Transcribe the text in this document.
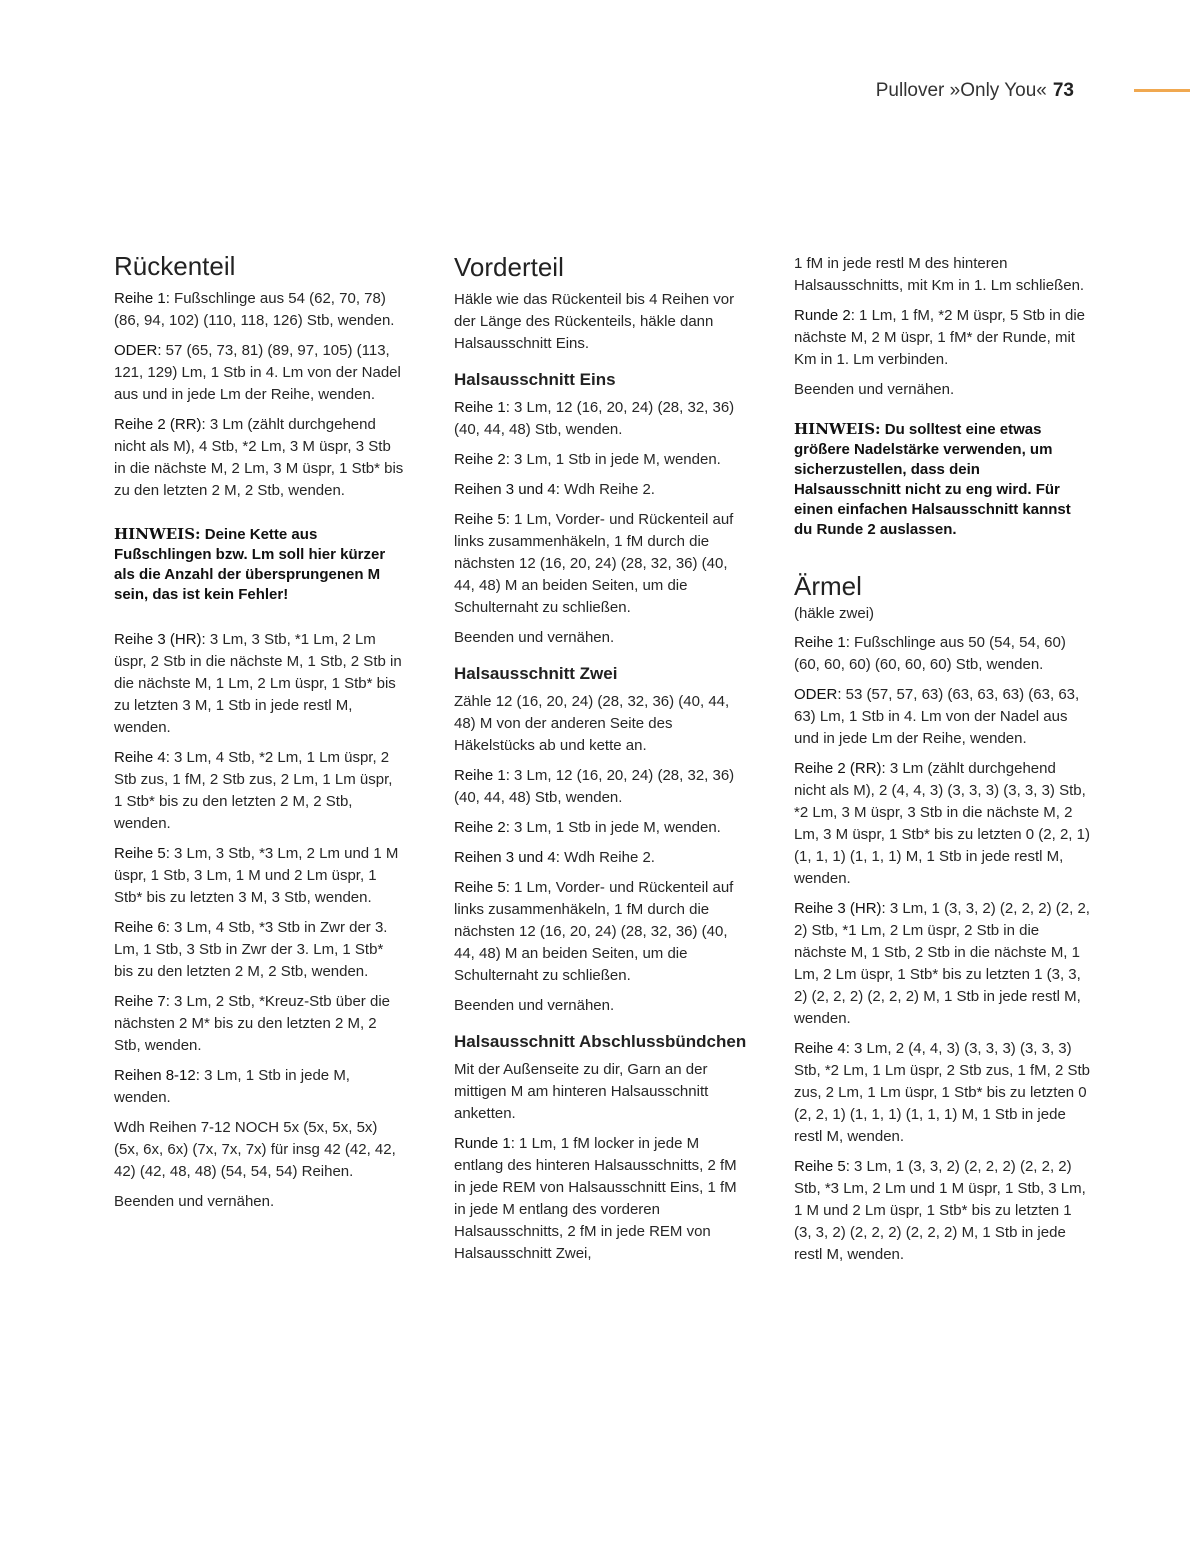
Pullover »Only You« 73
Rückenteil

Reihe 1: Fußschlinge aus 54 (62, 70, 78) (86, 94, 102) (110, 118, 126) Stb, wenden.

ODER: 57 (65, 73, 81) (89, 97, 105) (113, 121, 129) Lm, 1 Stb in 4. Lm von der Nadel aus und in jede Lm der Reihe, wenden.

Reihe 2 (RR): 3 Lm (zählt durchgehend nicht als M), 4 Stb, *2 Lm, 3 M üspr, 3 Stb in die nächste M, 2 Lm, 3 M üspr, 1 Stb* bis zu den letzten 2 M, 2 Stb, wenden.

HINWEIS: Deine Kette aus Fußschlingen bzw. Lm soll hier kürzer als die Anzahl der übersprungenen M sein, das ist kein Fehler!

Reihe 3 (HR): 3 Lm, 3 Stb, *1 Lm, 2 Lm üspr, 2 Stb in die nächste M, 1 Stb, 2 Stb in die nächste M, 1 Lm, 2 Lm üspr, 1 Stb* bis zu letzten 3 M, 1 Stb in jede restl M, wenden.

Reihe 4: 3 Lm, 4 Stb, *2 Lm, 1 Lm üspr, 2 Stb zus, 1 fM, 2 Stb zus, 2 Lm, 1 Lm üspr, 1 Stb* bis zu den letzten 2 M, 2 Stb, wenden.

Reihe 5: 3 Lm, 3 Stb, *3 Lm, 2 Lm und 1 M üspr, 1 Stb, 3 Lm, 1 M und 2 Lm üspr, 1 Stb* bis zu letzten 3 M, 3 Stb, wenden.

Reihe 6: 3 Lm, 4 Stb, *3 Stb in Zwr der 3. Lm, 1 Stb, 3 Stb in Zwr der 3. Lm, 1 Stb* bis zu den letzten 2 M, 2 Stb, wenden.

Reihe 7: 3 Lm, 2 Stb, *Kreuz-Stb über die nächsten 2 M* bis zu den letzten 2 M, 2 Stb, wenden.

Reihen 8-12: 3 Lm, 1 Stb in jede M, wenden.

Wdh Reihen 7-12 NOCH 5x (5x, 5x, 5x) (5x, 6x, 6x) (7x, 7x, 7x) für insg 42 (42, 42, 42) (42, 48, 48) (54, 54, 54) Reihen.

Beenden und vernähen.

Vorderteil

Häkle wie das Rückenteil bis 4 Reihen vor der Länge des Rückenteils, häkle dann Halsausschnitt Eins.

Halsausschnitt Eins

Reihe 1: 3 Lm, 12 (16, 20, 24) (28, 32, 36) (40, 44, 48) Stb, wenden.

Reihe 2: 3 Lm, 1 Stb in jede M, wenden.

Reihen 3 und 4: Wdh Reihe 2.

Reihe 5: 1 Lm, Vorder- und Rückenteil auf links zusammenhäkeln, 1 fM durch die nächsten 12 (16, 20, 24) (28, 32, 36) (40, 44, 48) M an beiden Seiten, um die Schulternaht zu schließen.

Beenden und vernähen.

Halsausschnitt Zwei

Zähle 12 (16, 20, 24) (28, 32, 36) (40, 44, 48) M von der anderen Seite des Häkelstücks ab und kette an.

Reihe 1: 3 Lm, 12 (16, 20, 24) (28, 32, 36) (40, 44, 48) Stb, wenden.

Reihe 2: 3 Lm, 1 Stb in jede M, wenden.

Reihen 3 und 4: Wdh Reihe 2.

Reihe 5: 1 Lm, Vorder- und Rückenteil auf links zusammenhäkeln, 1 fM durch die nächsten 12 (16, 20, 24) (28, 32, 36) (40, 44, 48) M an beiden Seiten, um die Schulternaht zu schließen.

Beenden und vernähen.

Halsausschnitt Abschlussbündchen

Mit der Außenseite zu dir, Garn an der mittigen M am hinteren Halsausschnitt anketten.

Runde 1: 1 Lm, 1 fM locker in jede M entlang des hinteren Halsausschnitts, 2 fM in jede REM von Halsausschnitt Eins, 1 fM in jede M entlang des vorderen Halsausschnitts, 2 fM in jede REM von Halsausschnitt Zwei,

1 fM in jede restl M des hinteren Halsausschnitts, mit Km in 1. Lm schließen.

Runde 2: 1 Lm, 1 fM, *2 M üspr, 5 Stb in die nächste M, 2 M üspr, 1 fM* der Runde, mit Km in 1. Lm verbinden.

Beenden und vernähen.

HINWEIS: Du solltest eine etwas größere Nadelstärke verwenden, um sicherzustellen, dass dein Halsausschnitt nicht zu eng wird. Für einen einfachen Halsausschnitt kannst du Runde 2 auslassen.
Ärmel
(häkle zwei)

Reihe 1: Fußschlinge aus 50 (54, 54, 60) (60, 60, 60) (60, 60, 60) Stb, wenden.

ODER: 53 (57, 57, 63) (63, 63, 63) (63, 63, 63) Lm, 1 Stb in 4. Lm von der Nadel aus und in jede Lm der Reihe, wenden.

Reihe 2 (RR): 3 Lm (zählt durchgehend nicht als M), 2 (4, 4, 3) (3, 3, 3) (3, 3, 3) Stb, *2 Lm, 3 M üspr, 3 Stb in die nächste M, 2 Lm, 3 M üspr, 1 Stb* bis zu letzten 0 (2, 2, 1) (1, 1, 1) (1, 1, 1) M, 1 Stb in jede restl M, wenden.

Reihe 3 (HR): 3 Lm, 1 (3, 3, 2) (2, 2, 2) (2, 2, 2) Stb, *1 Lm, 2 Lm üspr, 2 Stb in die nächste M, 1 Stb, 2 Stb in die nächste M, 1 Lm, 2 Lm üspr, 1 Stb* bis zu letzten 1 (3, 3, 2) (2, 2, 2) (2, 2, 2) M, 1 Stb in jede restl M, wenden.

Reihe 4: 3 Lm, 2 (4, 4, 3) (3, 3, 3) (3, 3, 3) Stb, *2 Lm, 1 Lm üspr, 2 Stb zus, 1 fM, 2 Stb zus, 2 Lm, 1 Lm üspr, 1 Stb* bis zu letzten 0 (2, 2, 1) (1, 1, 1) (1, 1, 1) M, 1 Stb in jede restl M, wenden.

Reihe 5: 3 Lm, 1 (3, 3, 2) (2, 2, 2) (2, 2, 2) Stb, *3 Lm, 2 Lm und 1 M üspr, 1 Stb, 3 Lm, 1 M und 2 Lm üspr, 1 Stb* bis zu letzten 1 (3, 3, 2) (2, 2, 2) (2, 2, 2) M, 1 Stb in jede restl M, wenden.
